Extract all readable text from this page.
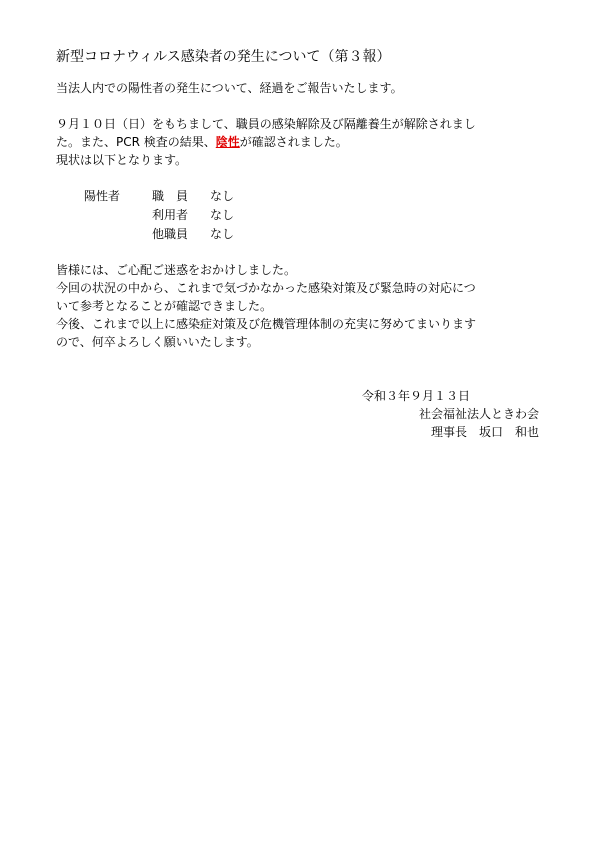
新型コロナウィルス感染者の発生について（第３報）
当法人内での陽性者の発生について、経過をご報告いたします。
９月１０日（日）をもちまして、職員の感染解除及び隔離養生が解除されまし
た。また、PCR 検査の結果、陰性が確認されました。
現状は以下となります。
陽性者	職　員 なし
利用者 なし
他職員 なし
皆様には、ご心配ご迷惑をおかけしました。
今回の状況の中から、これまで気づかなかった感染対策及び緊急時の対応につ
いて参考となることが確認できました。
今後、これまで以上に感染症対策及び危機管理体制の充実に努めてまいります
ので、何卒よろしく願いいたします。
令和３年９月１３日
社会福祉法人ときわ会
理事長　坂口　和也
